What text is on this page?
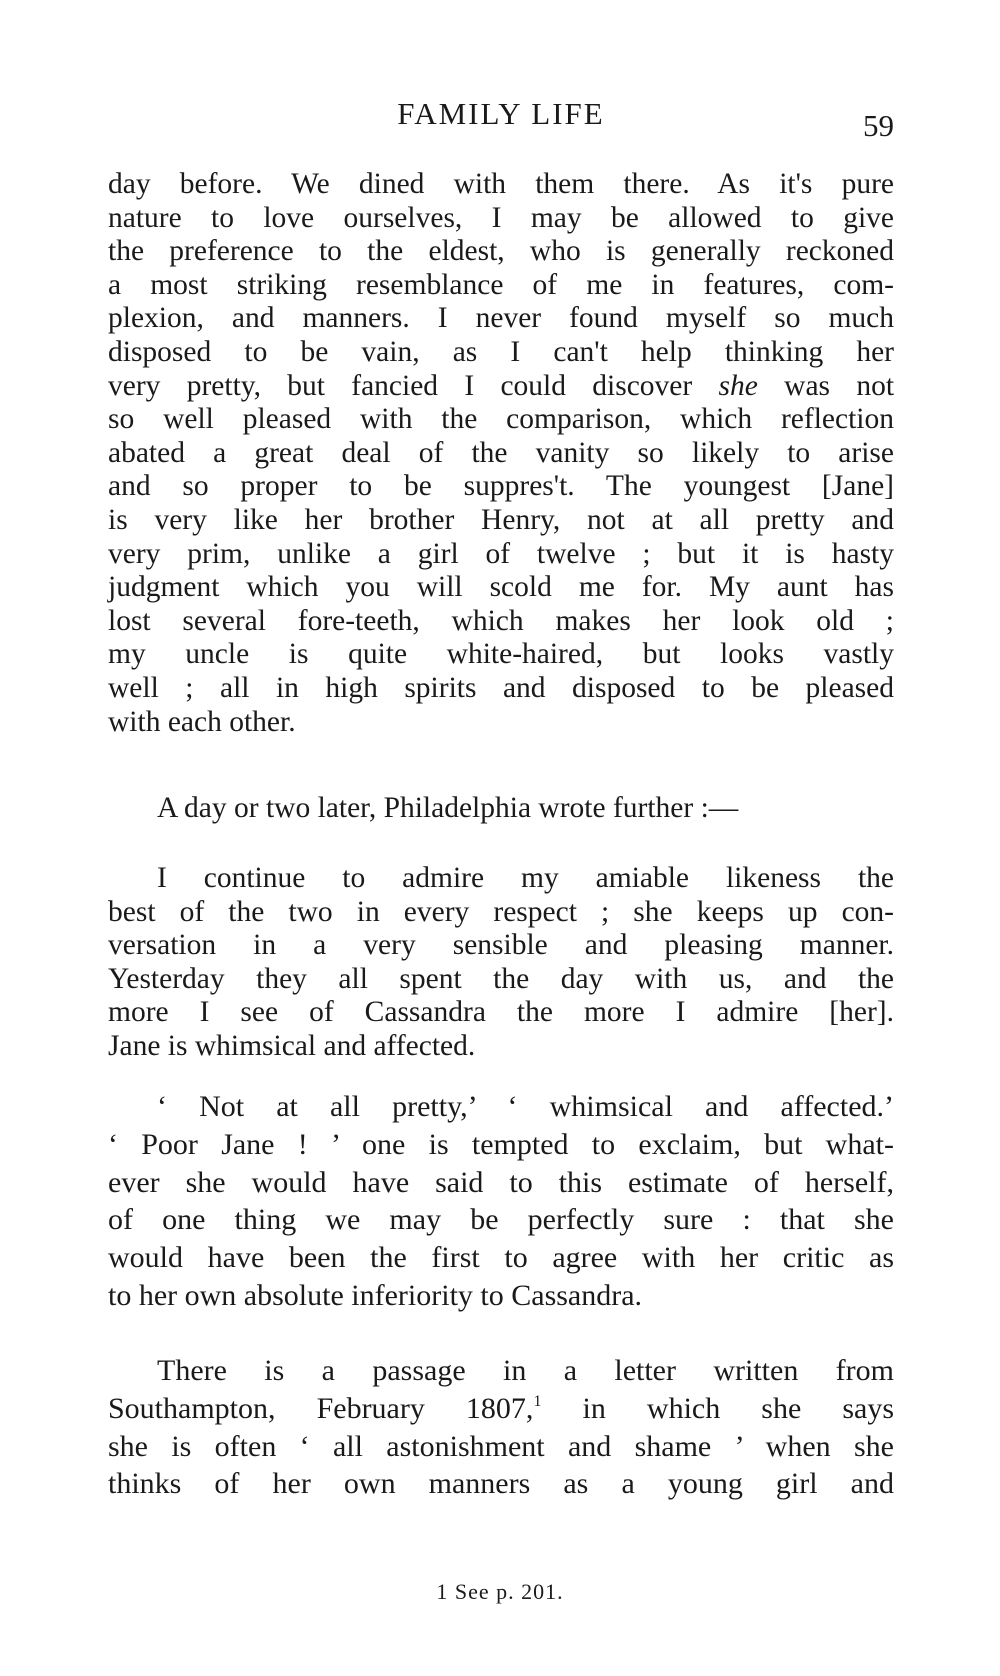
FAMILY LIFE	59
day before. We dined with them there. As it's pure
nature to love ourselves, I may be allowed to give
the preference to the eldest, who is generally reckoned
a most striking resemblance of me in features, com-
plexion, and manners. I never found myself so much
disposed to be vain, as I can't help thinking her
very pretty, but fancied I could discover she was not
so well pleased with the comparison, which reflection
abated a great deal of the vanity so likely to arise
and so proper to be suppres't. The youngest [Jane]
is very like her brother Henry, not at all pretty and
very prim, unlike a girl of twelve ; but it is hasty
judgment which you will scold me for. My aunt has
lost several fore-teeth, which makes her look old ;
my uncle is quite white-haired, but looks vastly
well ; all in high spirits and disposed to be pleased
with each other.
A day or two later, Philadelphia wrote further :—
I continue to admire my amiable likeness the
best of the two in every respect ; she keeps up con-
versation in a very sensible and pleasing manner.
Yesterday they all spent the day with us, and the
more I see of Cassandra the more I admire [her].
Jane is whimsical and affected.
‘ Not at all pretty,’ ‘ whimsical and affected.’
‘ Poor Jane ! ’ one is tempted to exclaim, but what-
ever she would have said to this estimate of herself,
of one thing we may be perfectly sure : that she
would have been the first to agree with her critic as
to her own absolute inferiority to Cassandra.
There is a passage in a letter written from
Southampton, February 1807,$^1$ in which she says
she is often ‘ all astonishment and shame ’ when she
thinks of her own manners as a young girl and
1 See p. 201.
